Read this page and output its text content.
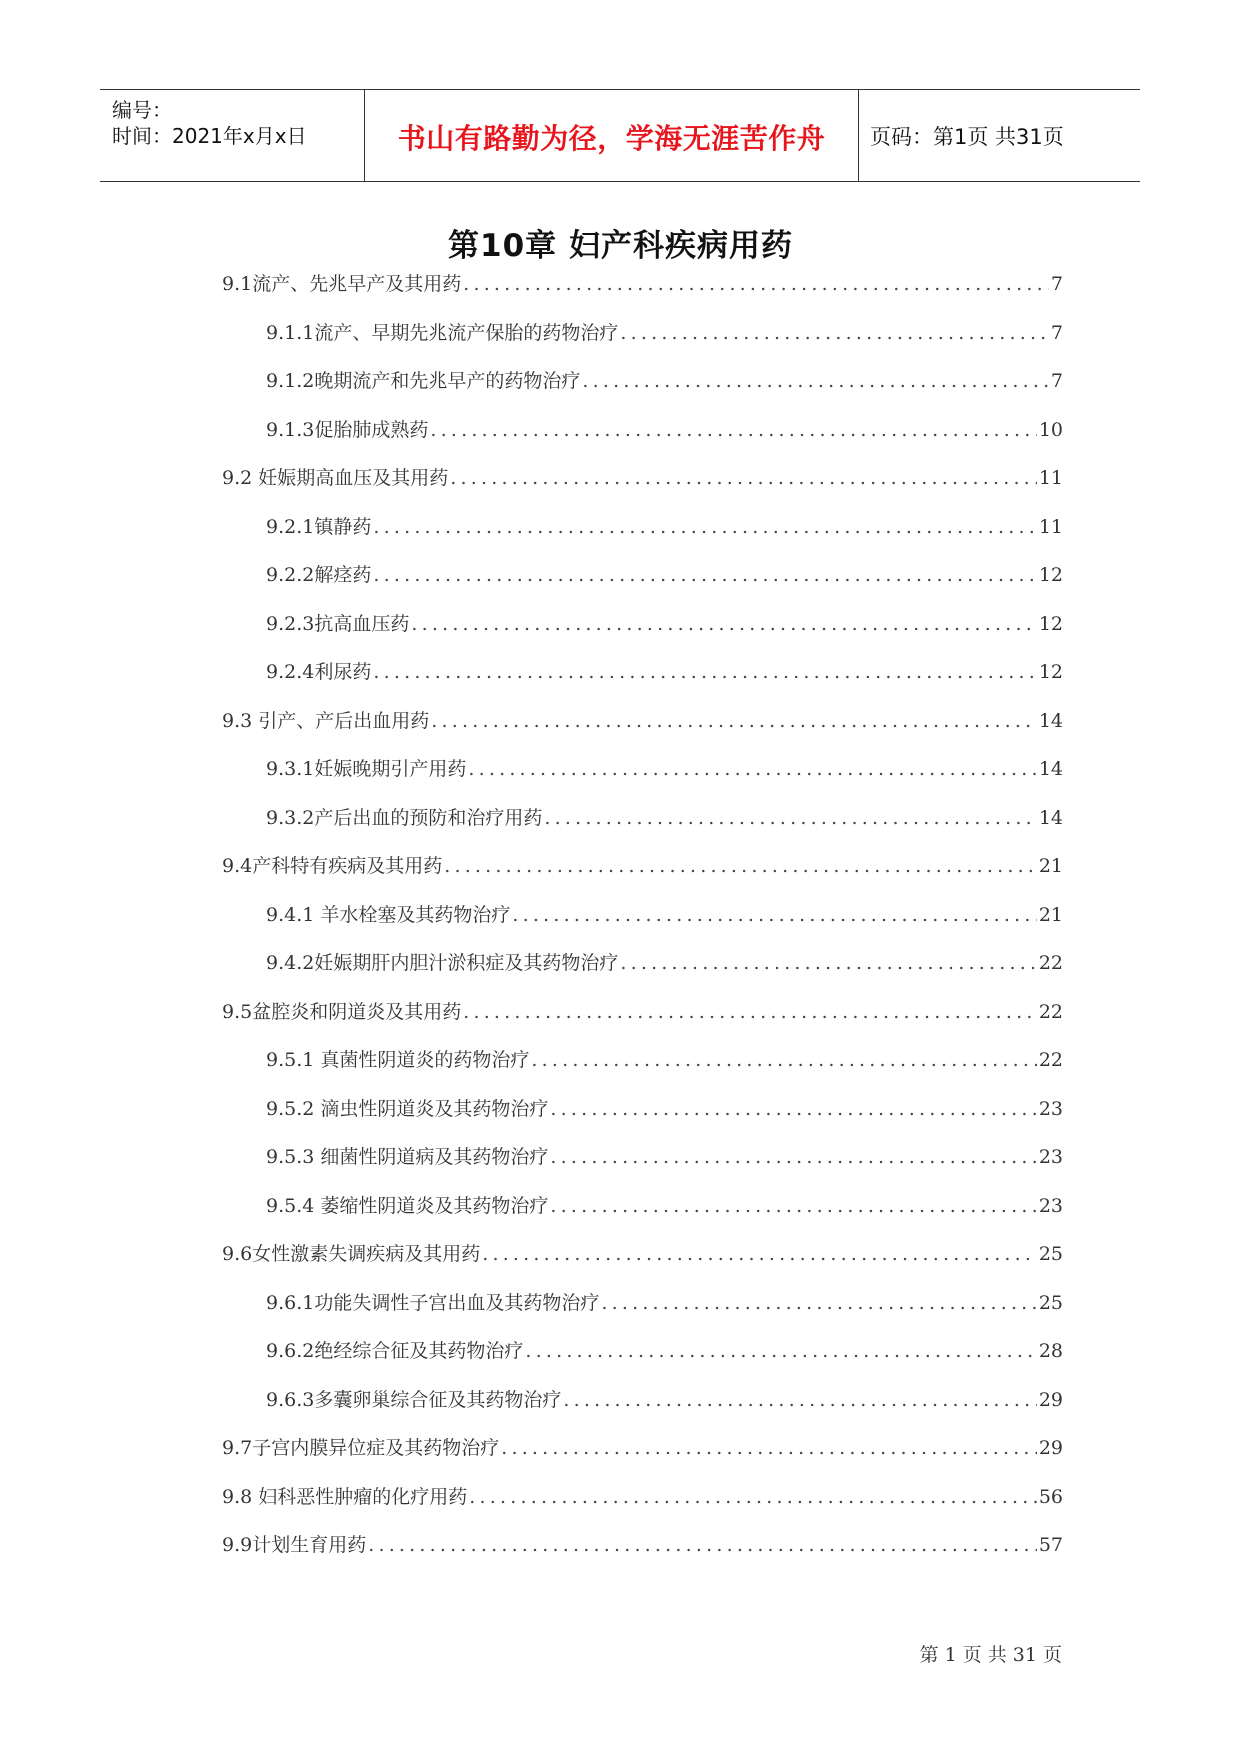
编号：
时间：2021年x月x日	书山有路勤为径，学海无涯苦作舟 页码：第1页 共31页
第10章 妇产科疾病用药
9.1流产、先兆早产及其用药 .....	7
9.1.1流产、早期先兆流产保胎的药物治疗 .....	7
9.1.2晚期流产和先兆早产的药物治疗 .....	7
9.1.3促胎肺成熟药 .....	10
9.2 妊娠期高血压及其用药 .....	11
9.2.1镇静药 .....	11
9.2.2解痉药 .....	12
9.2.3抗高血压药 .....	12
9.2.4利尿药 .....	12
9.3 引产、产后出血用药 .....	14
9.3.1妊娠晚期引产用药 .....	14
9.3.2产后出血的预防和治疗用药 .....	14
9.4产科特有疾病及其用药 .....	21
9.4.1 羊水栓塞及其药物治疗 .....	21
9.4.2妊娠期肝内胆汁淤积症及其药物治疗 .....	22
9.5盆腔炎和阴道炎及其用药 .....	22
9.5.1 真菌性阴道炎的药物治疗 .....	22
9.5.2 滴虫性阴道炎及其药物治疗 .....	23
9.5.3 细菌性阴道病及其药物治疗 .....	23
9.5.4 萎缩性阴道炎及其药物治疗 .....	23
9.6女性激素失调疾病及其用药 .....	25
9.6.1功能失调性子宫出血及其药物治疗 .....	25
9.6.2绝经综合征及其药物治疗 .....	28
9.6.3多囊卵巢综合征及其药物治疗 .....	29
9.7子宫内膜异位症及其药物治疗 .....	29
9.8 妇科恶性肿瘤的化疗用药 .....	56
9.9计划生育用药 .....	57
第 1 页 共 31 页
